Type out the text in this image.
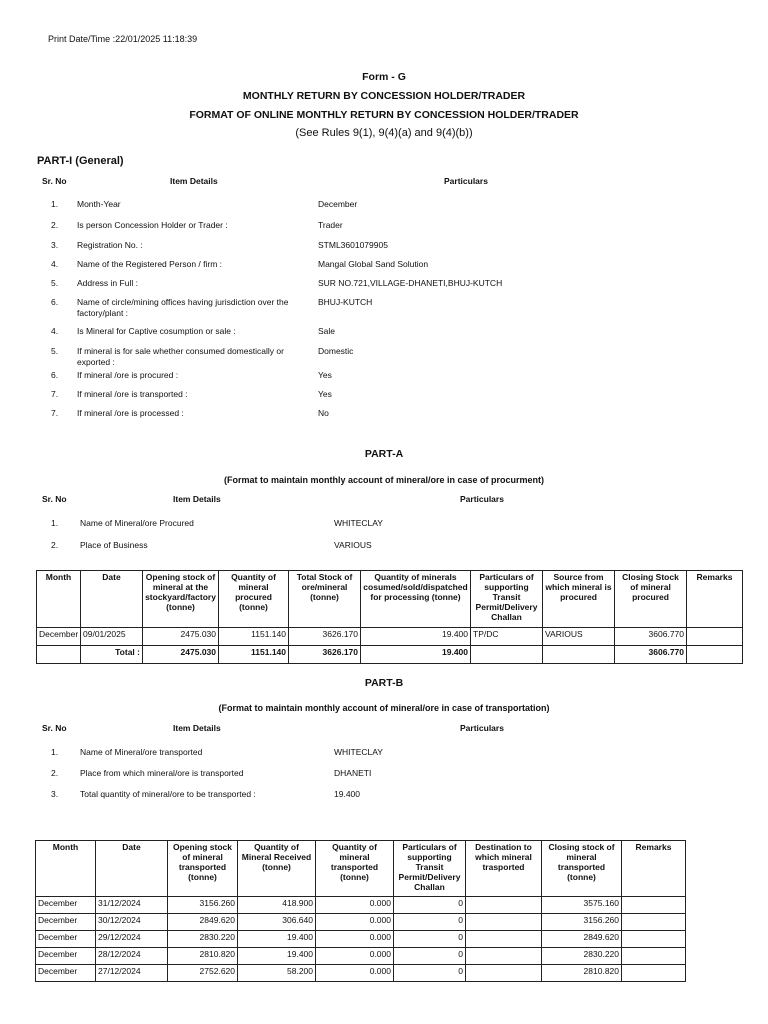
Print Date/Time :22/01/2025 11:18:39
Form - G
MONTHLY RETURN BY CONCESSION HOLDER/TRADER
FORMAT OF ONLINE MONTHLY RETURN BY CONCESSION HOLDER/TRADER
(See Rules 9(1), 9(4)(a) and 9(4)(b))
PART-I (General)
Sr. No	Item Details	Particulars
1. Month-Year	December
2. Is person Concession Holder or Trader :	Trader
3. Registration No. :	STML3601079905
4. Name of the Registered Person / firm :	Mangal Global Sand Solution
5. Address in Full :	SUR NO.721,VILLAGE-DHANETI,BHUJ-KUTCH
6. Name of circle/mining offices having jurisdiction over the factory/plant :
BHUJ-KUTCH
4. Is Mineral for Captive cosumption or sale :	Sale
5. If mineral is for sale whether consumed domestically or exported :
Domestic
6. If mineral /ore is procured :	Yes
7. If mineral /ore is transported :	Yes
7. If mineral /ore is processed :	No
PART-A
(Format to maintain monthly account of mineral/ore in case of procurment)
Sr. No	Item Details	Particulars
1.	Name of Mineral/ore Procured	WHITECLAY
2.	Place of Business	VARIOUS
Month	Date	Opening stock of mineral at the stockyard/factory (tonne)	Quantity of mineral procured (tonne)	Total Stock of ore/mineral (tonne)	Quantity of minerals cosumed/sold/dispatched for processing (tonne)	Particulars of supporting Transit Permit/Delivery Challan	Source from which mineral is procured	Closing Stock of mineral procured	Remarks
December	09/01/2025	2475.030	1151.140	3626.170	19.400	TP/DC	VARIOUS	3606.770	
	Total :	2475.030	1151.140	3626.170	19.400			3606.770	
PART-B
(Format to maintain monthly account of mineral/ore in case of transportation)
Sr. No	Item Details	Particulars
1.	Name of Mineral/ore transported	WHITECLAY
2.	Place from which mineral/ore is transported	DHANETI
3.	Total quantity of mineral/ore to be transported :	19.400
Month	Date	Opening stock of mineral transported (tonne)	Quantity of Mineral Received (tonne)	Quantity of mineral transported (tonne)	Particulars of supporting Transit Permit/Delivery Challan	Destination to which mineral trasported	Closing stock of mineral transported (tonne)	Remarks
December	31/12/2024	3156.260	418.900	0.000	0		3575.160	
December	30/12/2024	2849.620	306.640	0.000	0		3156.260	
December	29/12/2024	2830.220	19.400	0.000	0		2849.620	
December	28/12/2024	2810.820	19.400	0.000	0		2830.220	
December	27/12/2024	2752.620	58.200	0.000	0		2810.820	
